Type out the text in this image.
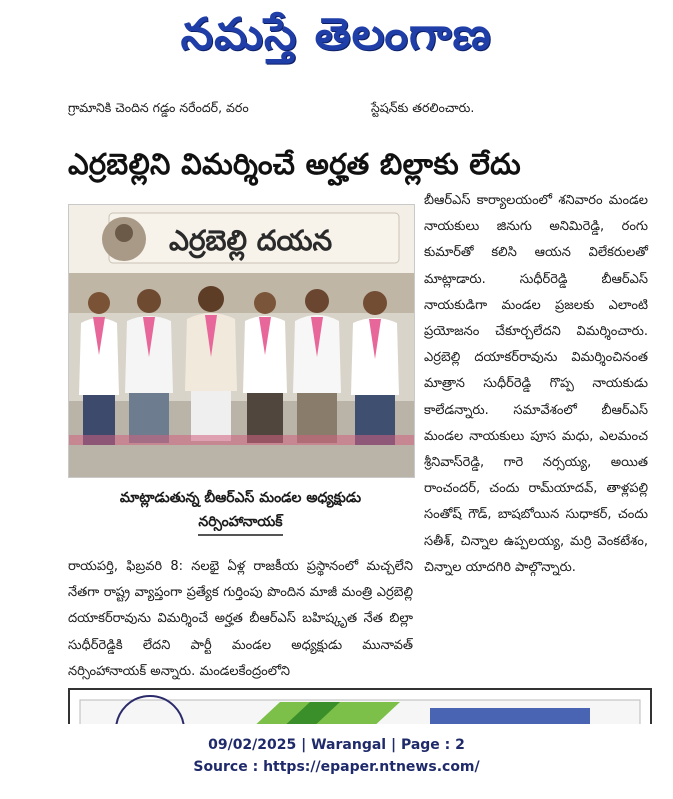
నమస్తే తెలంగాణ
గ్రామానికి చెందిన గడ్డం నరేందర్, వరం	స్టేషన్‌కు తరలించారు.
ఎర్రబెల్లిని విమర్శించే అర్హత బిల్లాకు లేదు
ఎర్రబెల్లి దయన
మాట్లాడుతున్న బీఆర్‌ఎస్ మండల అధ్యక్షుడు
నర్సింహానాయక్

రాయపర్తి, ఫిబ్రవరి 8: నలభై ఏళ్ల రాజకీయ ప్రస్థానంలో మచ్చలేని నేతగా రాష్ట్ర వ్యాప్తంగా ప్రత్యేక గుర్తింపు పొందిన మాజీ మంత్రి ఎర్రబెల్లి దయాకర్‌రావును విమర్శించే అర్హత బీఆర్‌ఎస్ బహిష్కృత నేత బిల్లా సుధీర్‌రెడ్డికి లేదని పార్టీ మండల అధ్యక్షుడు మునావత్ నర్సింహానాయక్ అన్నారు. మండలకేంద్రంలోని

బీఆర్‌ఎస్ కార్యాలయంలో శనివారం మండల నాయకులు జినుగు అనిమిరెడ్డి, రంగు కుమార్‌తో కలిసి ఆయన విలేకరులతో మాట్లాడారు. సుధీర్‌రెడ్డి బీఆర్‌ఎస్ నాయకుడిగా మండల ప్రజలకు ఎలాంటి ప్రయోజనం చేకూర్చలేదని విమర్శించారు. ఎర్రబెల్లి దయాకర్‌రావును విమర్శించినంత మాత్రాన సుధీర్‌రెడ్డి గొప్ప నాయకుడు కాలేడన్నారు. సమావేశంలో బీఆర్‌ఎస్ మండల నాయకులు పూస మధు, ఎలమంచ శ్రీనివాస్‌రెడ్డి, గారె నర్సయ్య, అయిత రాంచందర్, చందు రామ్‌యాదవ్, తాళ్లపల్లి సంతోష్ గౌడ్, బాషబోయిన సుధాకర్, చందు సతీశ్, చిన్నాల ఉప్పలయ్య, మర్రి వెంకటేశం, చిన్నాల యాదగిరి పాల్గొన్నారు.

09/02/2025 | Warangal | Page : 2
Source : https://epaper.ntnews.com/
